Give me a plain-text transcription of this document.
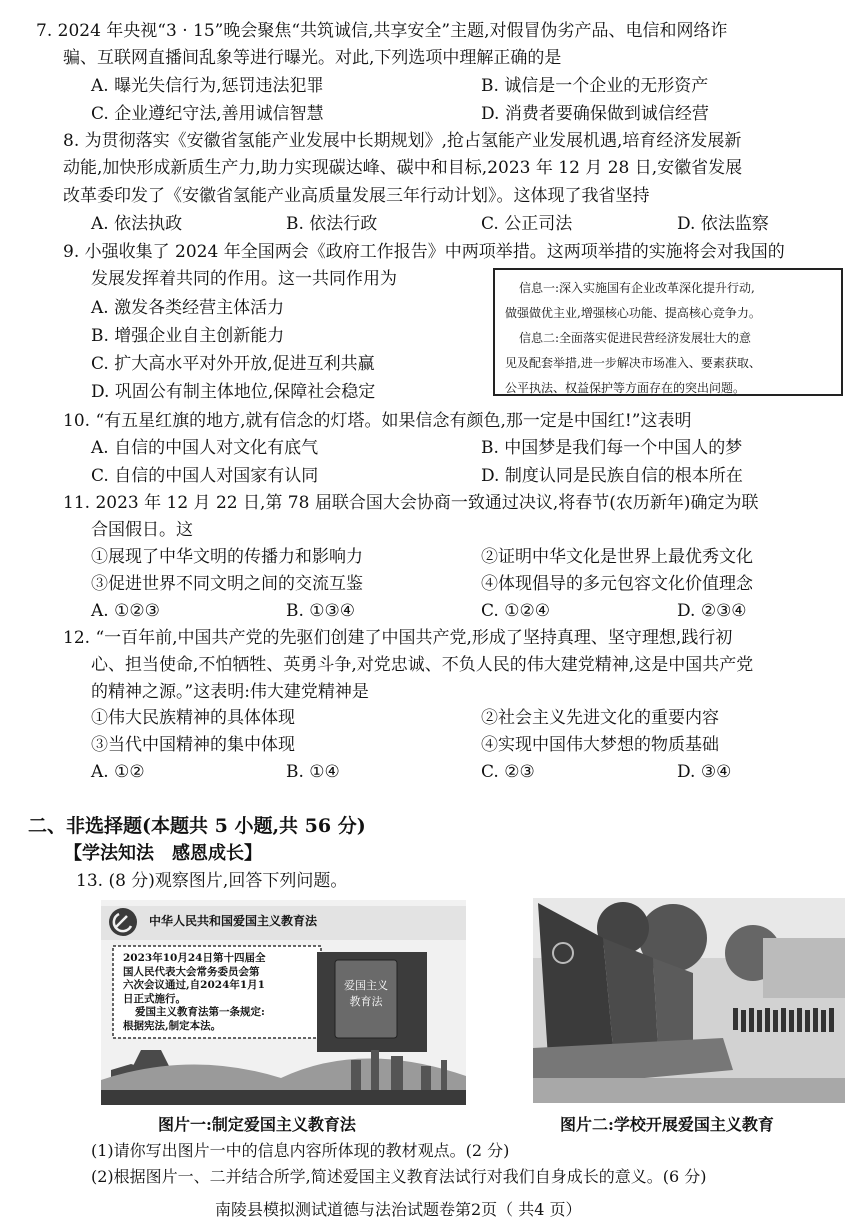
7. 2024 年央视“3 · 15”晚会聚焦“共筑诚信,共享安全”主题,对假冒伪劣产品、电信和网络诈
骗、互联网直播间乱象等进行曝光。对此,下列选项中理解正确的是
A. 曝光失信行为,惩罚违法犯罪	B. 诚信是一个企业的无形资产
C. 企业遵纪守法,善用诚信智慧	D. 消费者要确保做到诚信经营
8. 为贯彻落实《安徽省氢能产业发展中长期规划》,抢占氢能产业发展机遇,培育经济发展新
动能,加快形成新质生产力,助力实现碳达峰、碳中和目标,2023 年 12 月 28 日,安徽省发展
改革委印发了《安徽省氢能产业高质量发展三年行动计划》。这体现了我省坚持
A. 依法执政	B. 依法行政	C. 公正司法	D. 依法监察
9. 小强收集了 2024 年全国两会《政府工作报告》中两项举措。这两项举措的实施将会对我国的
发展发挥着共同的作用。这一共同作用为
A. 激发各类经营主体活力
B. 增强企业自主创新能力
C. 扩大高水平对外开放,促进互利共赢
D. 巩固公有制主体地位,保障社会稳定
信息一:深入实施国有企业改革深化提升行动,
做强做优主业,增强核心功能、提高核心竞争力。
信息二:全面落实促进民营经济发展壮大的意
见及配套举措,进一步解决市场准入、要素获取、
公平执法、权益保护等方面存在的突出问题。
10. “有五星红旗的地方,就有信念的灯塔。如果信念有颜色,那一定是中国红!”这表明
A. 自信的中国人对文化有底气	B. 中国梦是我们每一个中国人的梦
C. 自信的中国人对国家有认同	D. 制度认同是民族自信的根本所在
11. 2023 年 12 月 22 日,第 78 届联合国大会协商一致通过决议,将春节(农历新年)确定为联
合国假日。这
①展现了中华文明的传播力和影响力	②证明中华文化是世界上最优秀文化
③促进世界不同文明之间的交流互鉴	④体现倡导的多元包容文化价值理念
A. ①②③	B. ①③④	C. ①②④	D. ②③④
12. “一百年前,中国共产党的先驱们创建了中国共产党,形成了坚持真理、坚守理想,践行初
心、担当使命,不怕牺牲、英勇斗争,对党忠诚、不负人民的伟大建党精神,这是中国共产党
的精神之源。”这表明:伟大建党精神是
①伟大民族精神的具体体现	②社会主义先进文化的重要内容
③当代中国精神的集中体现	④实现中国伟大梦想的物质基础
A. ①②	B. ①④	C. ②③	D. ③④
二、非选择题(本题共 5 小题,共 56 分)
【学法知法　感恩成长】
13. (8 分)观察图片,回答下列问题。
中华人民共和国爱国主义教育法
2023年10月24日第十四届全
国人民代表大会常务委员会第
六次会议通过,自2024年1月1
日正式施行。
爱国主义教育法第一条规定:
根据宪法,制定本法。
爱国主义教育法
图片一:制定爱国主义教育法	图片二:学校开展爱国主义教育
(1)请你写出图片一中的信息内容所体现的教材观点。(2 分)
(2)根据图片一、二并结合所学,简述爱国主义教育法试行对我们自身成长的意义。(6 分)
南陵县模拟测试道德与法治试题卷第2页（ 共4 页）
